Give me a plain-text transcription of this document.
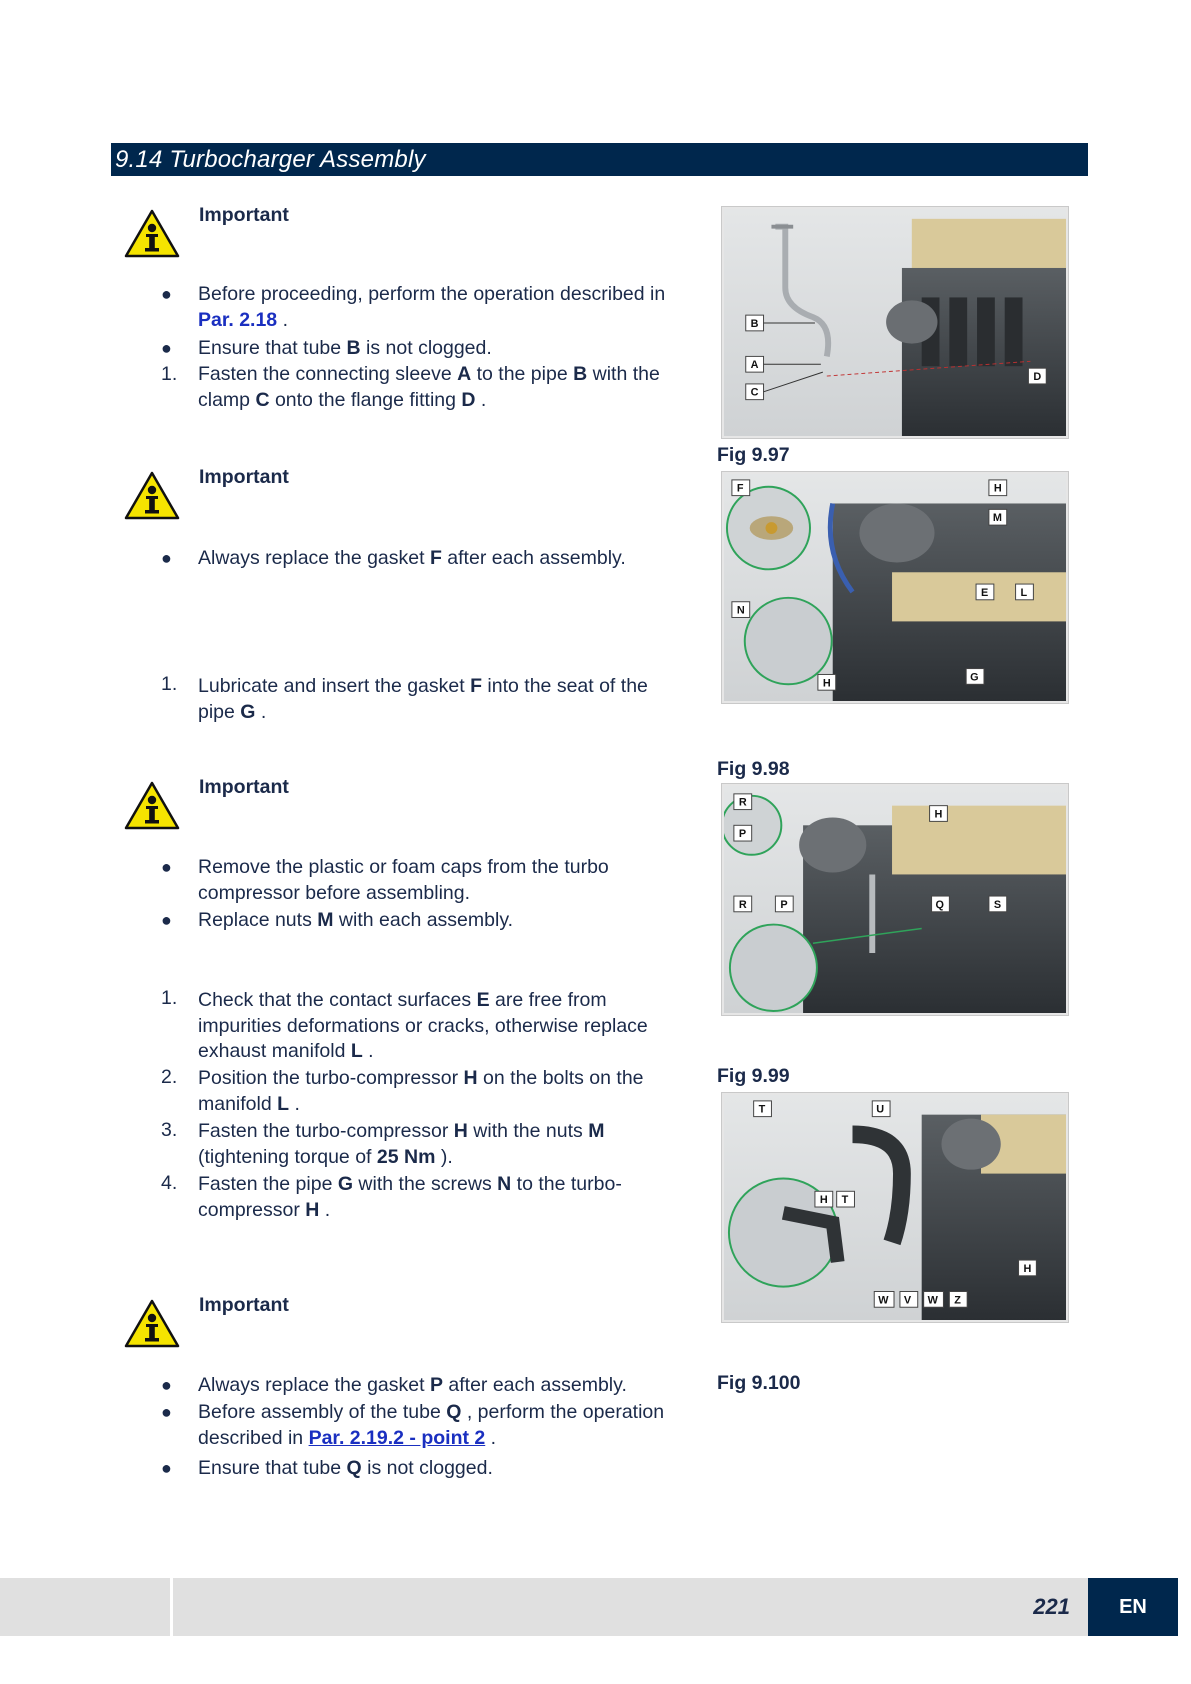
9.14 Turbocharger Assembly
Important
●	Before proceeding, perform the operation described in
Par. 2.18 .
●	Ensure that tube B is not clogged.
1.	Fasten the connecting sleeve A to the pipe B with the clamp C onto the flange fitting D .
Important
●	Always replace the gasket F after each assembly.
1.	Lubricate and insert the gasket F into the seat of the pipe G .
Important
●	Remove the plastic or foam caps from the turbo compressor before assembling.
●	Replace nuts M with each assembly.
1.	Check that the contact surfaces E are free from impurities deformations or cracks, otherwise replace exhaust manifold L .
2.	Position the turbo-compressor H on the bolts on the manifold L .
3.	Fasten the turbo-compressor H with the nuts M (tightening torque of 25 Nm ).
4.	Fasten the pipe G with the screws N to the turbo-compressor H .
Important
●	Always replace the gasket P after each assembly.
●	Before assembly of the tube Q , perform the operation described in Par. 2.19.2 - point 2 .
●	Ensure that tube Q is not clogged.
B
A
C
D
Fig 9.97
F	H
M
E	L
N
H	G
Fig 9.98
R
P
H
R	P	Q	S
Fig 9.99
T	U
H T
H
W V W Z
Fig 9.100
221	EN
